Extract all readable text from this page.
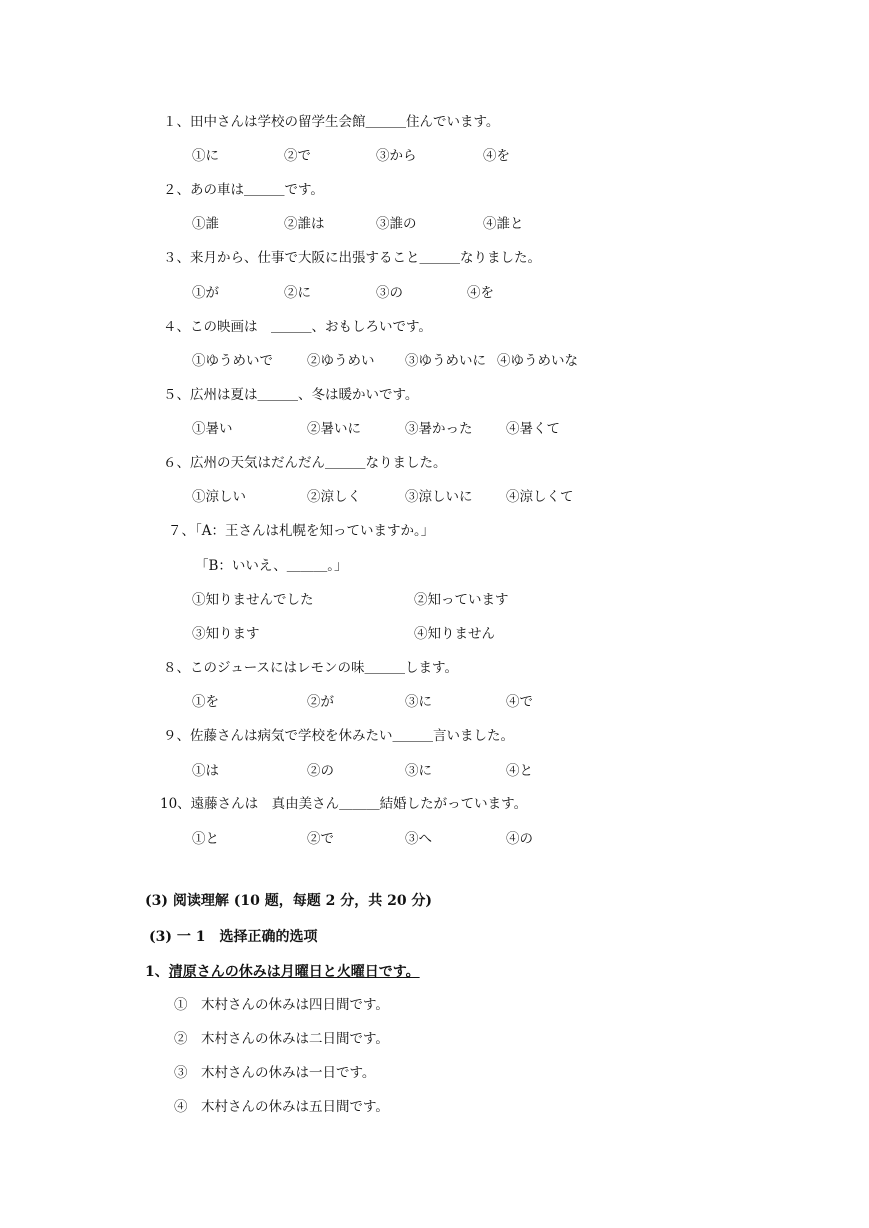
１、田中さんは学校の留学生会館＿＿＿住んでいます。
①に	②で	③から	④を
２、あの車は＿＿＿です。
①誰	②誰は	③誰の	④誰と
３、来月から、仕事で大阪に出張すること＿＿＿なりました。
①が	②に	③の	④を
４、この映画は　＿＿＿、おもしろいです。
①ゆうめいで	②ゆうめい ③ゆうめいに ④ゆうめいな
５、広州は夏は＿＿＿、冬は暖かいです。
①暑い	②暑いに	③暑かった ④暑くて
６、広州の天気はだんだん＿＿＿なりました。
①涼しい	②涼しく	③涼しいに ④涼しくて
７、「A：王さんは札幌を知っていますか。」
「B：いいえ、＿＿＿。」
①知りませんでした	②知っています
③知ります	④知りません
８、このジュースにはレモンの味＿＿＿します。
①を	②が	③に	④で
９、佐藤さんは病気で学校を休みたい＿＿＿言いました。
①は	②の	③に	④と
10、遠藤さんは　真由美さん＿＿＿結婚したがっています。
①と	②で	③へ	④の
(3) 阅读理解 (10 题，每题 2 分，共 20 分)
(3) 一 1　选择正确的选项
1、清原さんの休みは月曜日と火曜日です。
①　木村さんの休みは四日間です。
②　木村さんの休みは二日間です。
③　木村さんの休みは一日です。
④　木村さんの休みは五日間です。
